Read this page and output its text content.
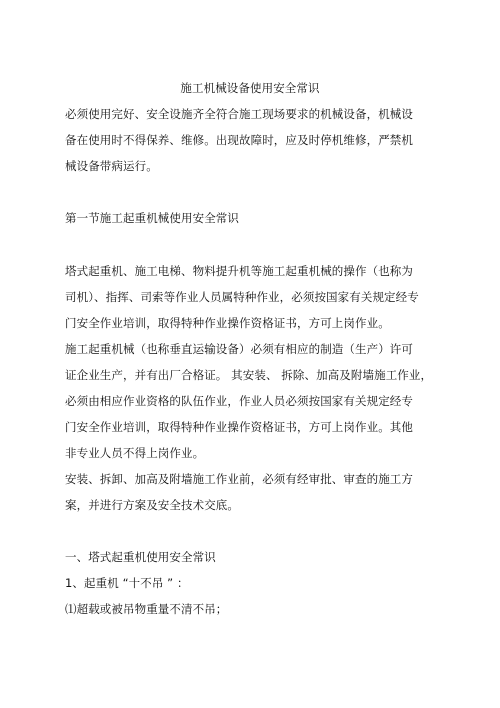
施工机械设备使用安全常识
必须使用完好、安全设施齐全符合施工现场要求的机械设备，机械设
备在使用时不得保养、维修。出现故障时，应及时停机维修，严禁机
械设备带病运行。
第一节施工起重机械使用安全常识
塔式起重机、施工电梯、物料提升机等施工起重机械的操作（也称为
司机）、指挥、司索等作业人员属特种作业，必须按国家有关规定经专
门安全作业培训，取得特种作业操作资格证书，方可上岗作业。
施工起重机械（也称垂直运输设备）必须有相应的制造（生产）许可
证企业生产，并有出厂合格证。 其安装、 拆除、加高及附墙施工作业，
必须由相应作业资格的队伍作业，作业人员必须按国家有关规定经专
门安全作业培训，取得特种作业操作资格证书，方可上岗作业。其他
非专业人员不得上岗作业。
安装、拆卸、加高及附墙施工作业前，必须有经审批、审查的施工方
案，并进行方案及安全技术交底。
一、塔式起重机使用安全常识
1、起重机 “十不吊 ” ：
⑴超载或被吊物重量不清不吊；
